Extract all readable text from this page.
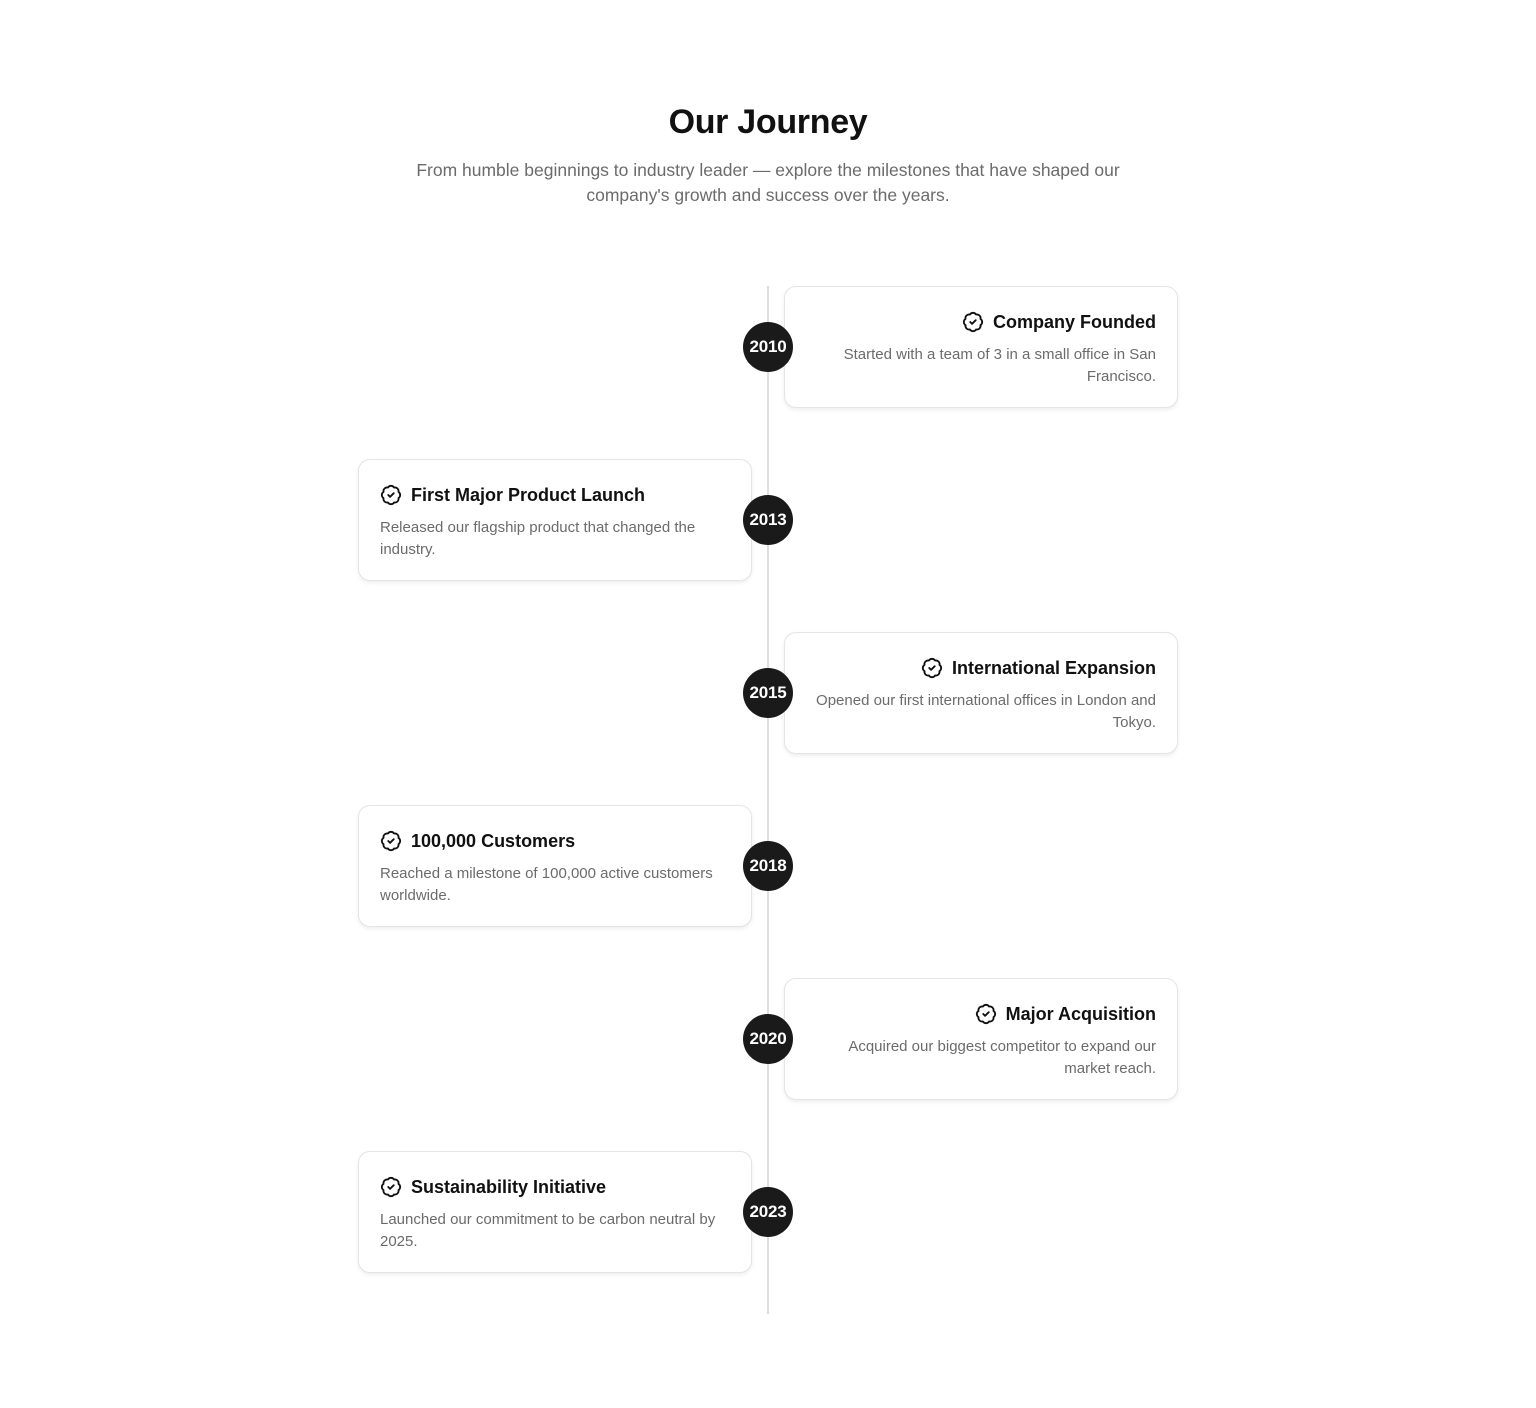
Our Journey

From humble beginnings to industry leader — explore the milestones that have shaped our company's growth and success over the years.

Company Founded

Started with a team of 3 in a small office in San Francisco.

2010
First Major Product Launch

Released our flagship product that changed the industry.

2013
International Expansion

Opened our first international offices in London and Tokyo.

2015
100,000 Customers

Reached a milestone of 100,000 active customers worldwide.

2018
Major Acquisition

Acquired our biggest competitor to expand our market reach.

2020
Sustainability Initiative

Launched our commitment to be carbon neutral by 2025.

2023
